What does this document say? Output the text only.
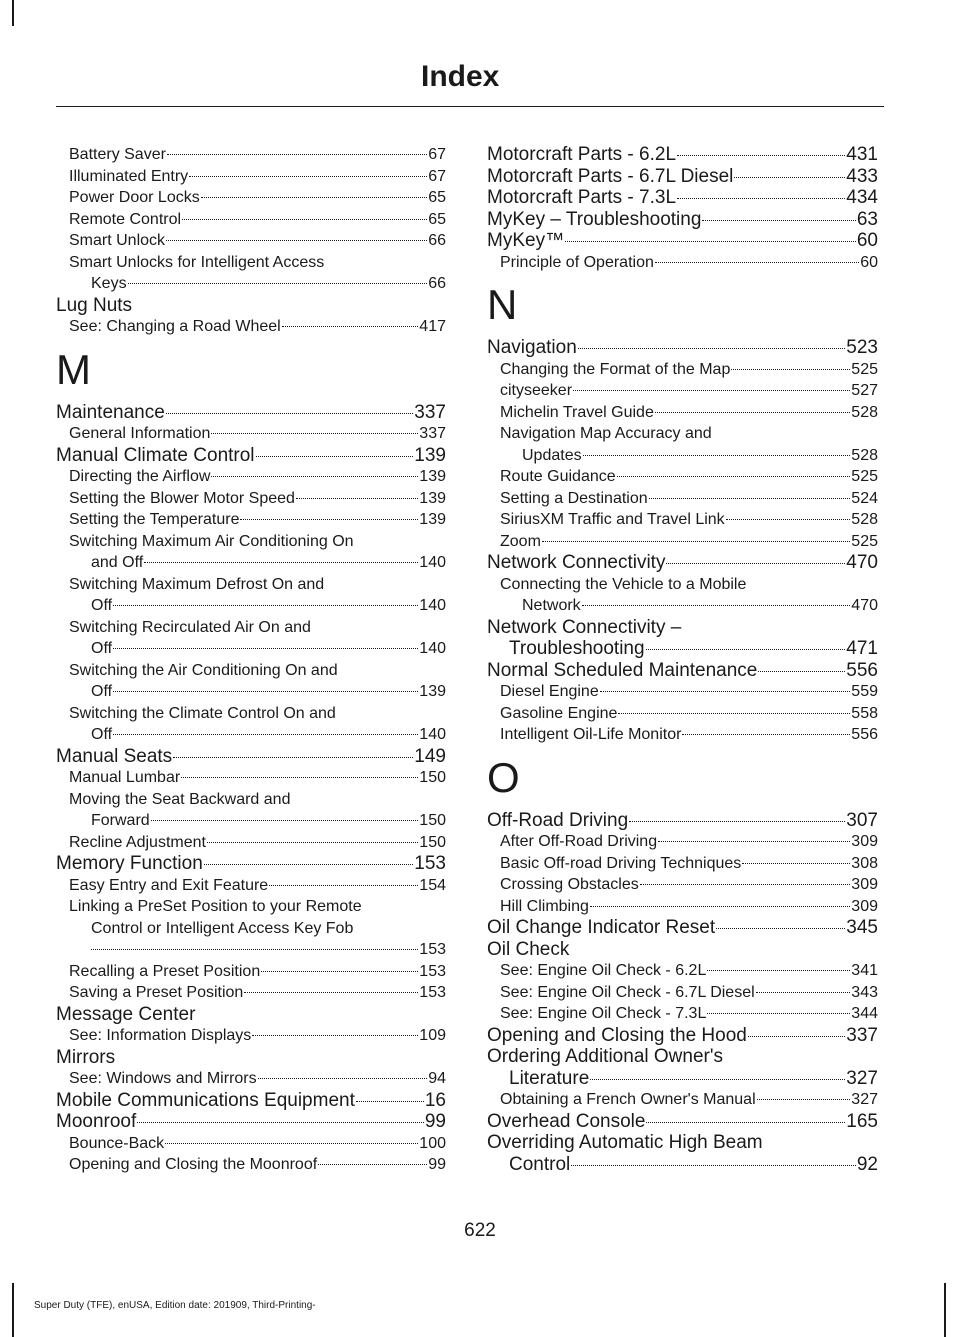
Index
Battery Saver	67
Illuminated Entry	67
Power Door Locks	65
Remote Control	65
Smart Unlock	66
Smart Unlocks for Intelligent Access
Keys	66
Lug Nuts
See: Changing a Road Wheel	417
M
Maintenance	337
General Information	337
Manual Climate Control	139
Directing the Airflow	139
Setting the Blower Motor Speed	139
Setting the Temperature	139
Switching Maximum Air Conditioning On
and Off	140
Switching Maximum Defrost On and
Off	140
Switching Recirculated Air On and
Off	140
Switching the Air Conditioning On and
Off	139
Switching the Climate Control On and
Off	140
Manual Seats	149
Manual Lumbar	150
Moving the Seat Backward and
Forward	150
Recline Adjustment	150
Memory Function	153
Easy Entry and Exit Feature	154
Linking a PreSet Position to your Remote
Control or Intelligent Access Key Fob
153
Recalling a Preset Position	153
Saving a Preset Position	153
Message Center
See: Information Displays	109
Mirrors
See: Windows and Mirrors	94
Mobile Communications Equipment	16
Moonroof	99
Bounce-Back	100
Opening and Closing the Moonroof	99
Motorcraft Parts - 6.2L	431
Motorcraft Parts - 6.7L Diesel	433
Motorcraft Parts - 7.3L	434
MyKey – Troubleshooting	63
MyKey™	60
Principle of Operation	60
N
Navigation	523
Changing the Format of the Map	525
cityseeker	527
Michelin Travel Guide	528
Navigation Map Accuracy and
Updates	528
Route Guidance	525
Setting a Destination	524
SiriusXM Traffic and Travel Link	528
Zoom	525
Network Connectivity	470
Connecting the Vehicle to a Mobile
Network	470
Network Connectivity –
Troubleshooting	471
Normal Scheduled Maintenance	556
Diesel Engine	559
Gasoline Engine	558
Intelligent Oil-Life Monitor	556
O
Off-Road Driving	307
After Off-Road Driving	309
Basic Off-road Driving Techniques	308
Crossing Obstacles	309
Hill Climbing	309
Oil Change Indicator Reset	345
Oil Check
See: Engine Oil Check - 6.2L	341
See: Engine Oil Check - 6.7L Diesel	343
See: Engine Oil Check - 7.3L	344
Opening and Closing the Hood	337
Ordering Additional Owner's
Literature	327
Obtaining a French Owner's Manual	327
Overhead Console	165
Overriding Automatic High Beam
Control	92
622
Super Duty (TFE), enUSA, Edition date: 201909, Third-Printing-
